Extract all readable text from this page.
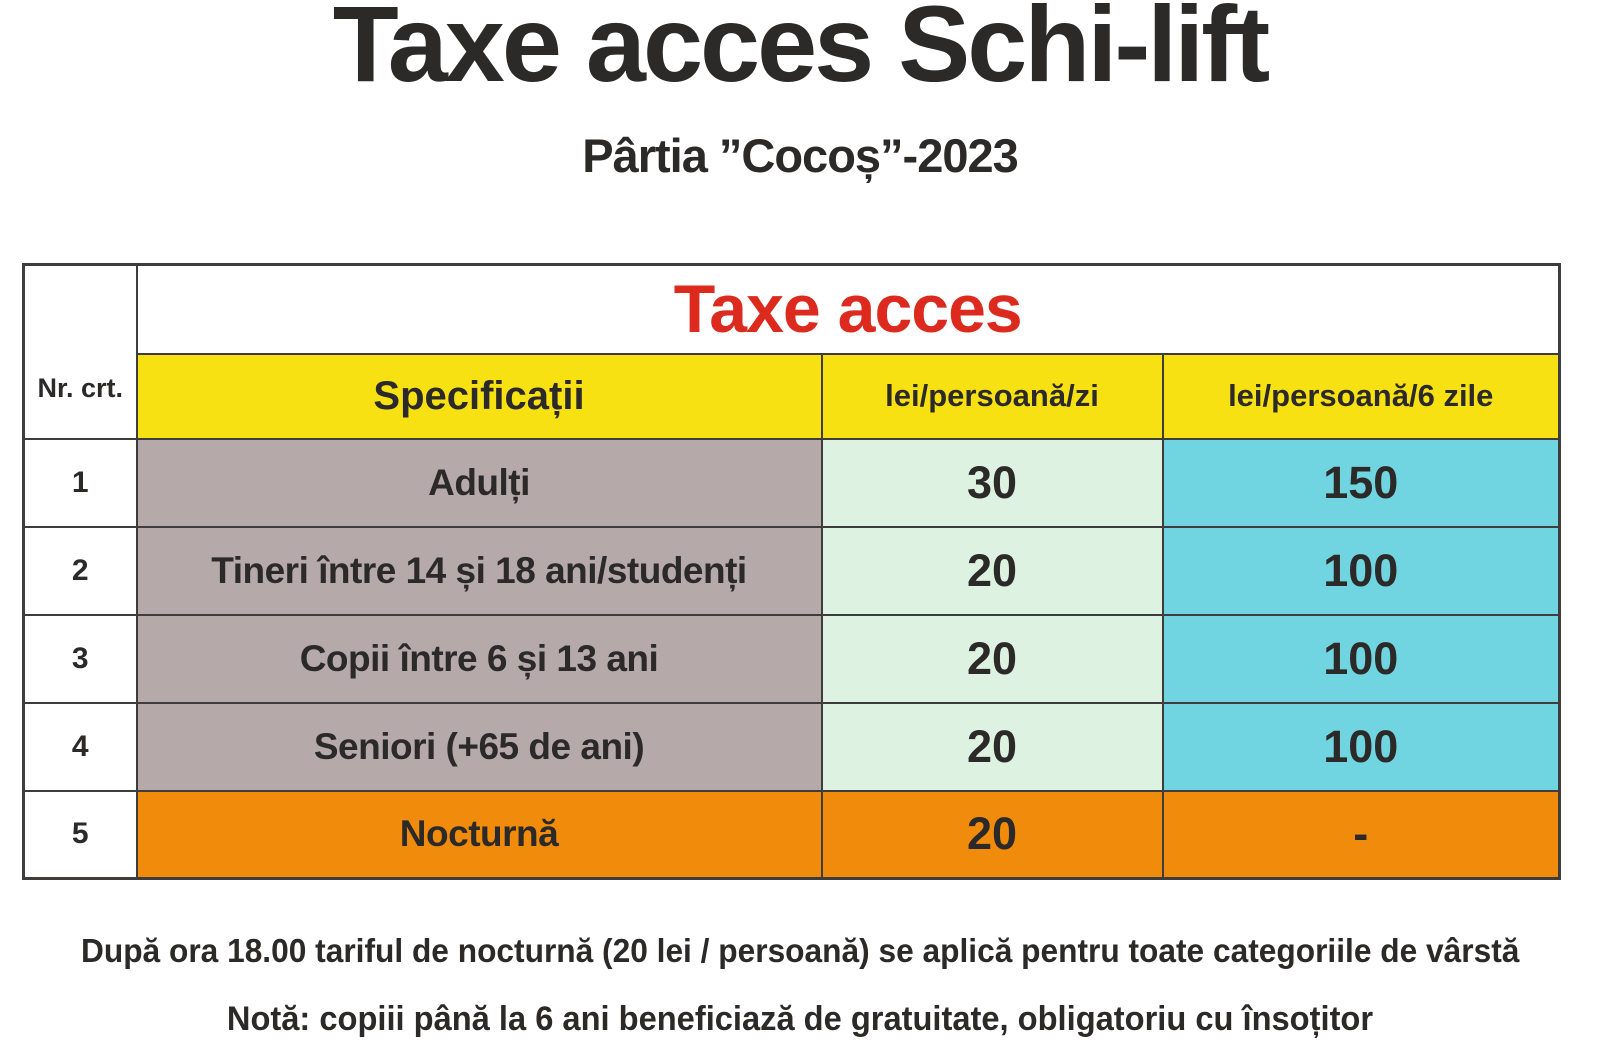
Taxe acces Schi-lift
Pârtia ”Cocoș”-2023
Nr. crt.	Taxe acces		
	Specificații	lei/persoană/zi	lei/persoană/6 zile
1	Adulți	30	150
2	Tineri între 14 și 18 ani/studenți	20	100
3	Copii între 6 și 13 ani	20	100
4	Seniori (+65 de ani)	20	100
5	Nocturnă	20	-
După ora 18.00 tariful de nocturnă (20 lei / persoană) se aplică pentru toate categoriile de vârstă
Notă: copiii până la 6 ani beneficiază de gratuitate, obligatoriu cu însoțitor
